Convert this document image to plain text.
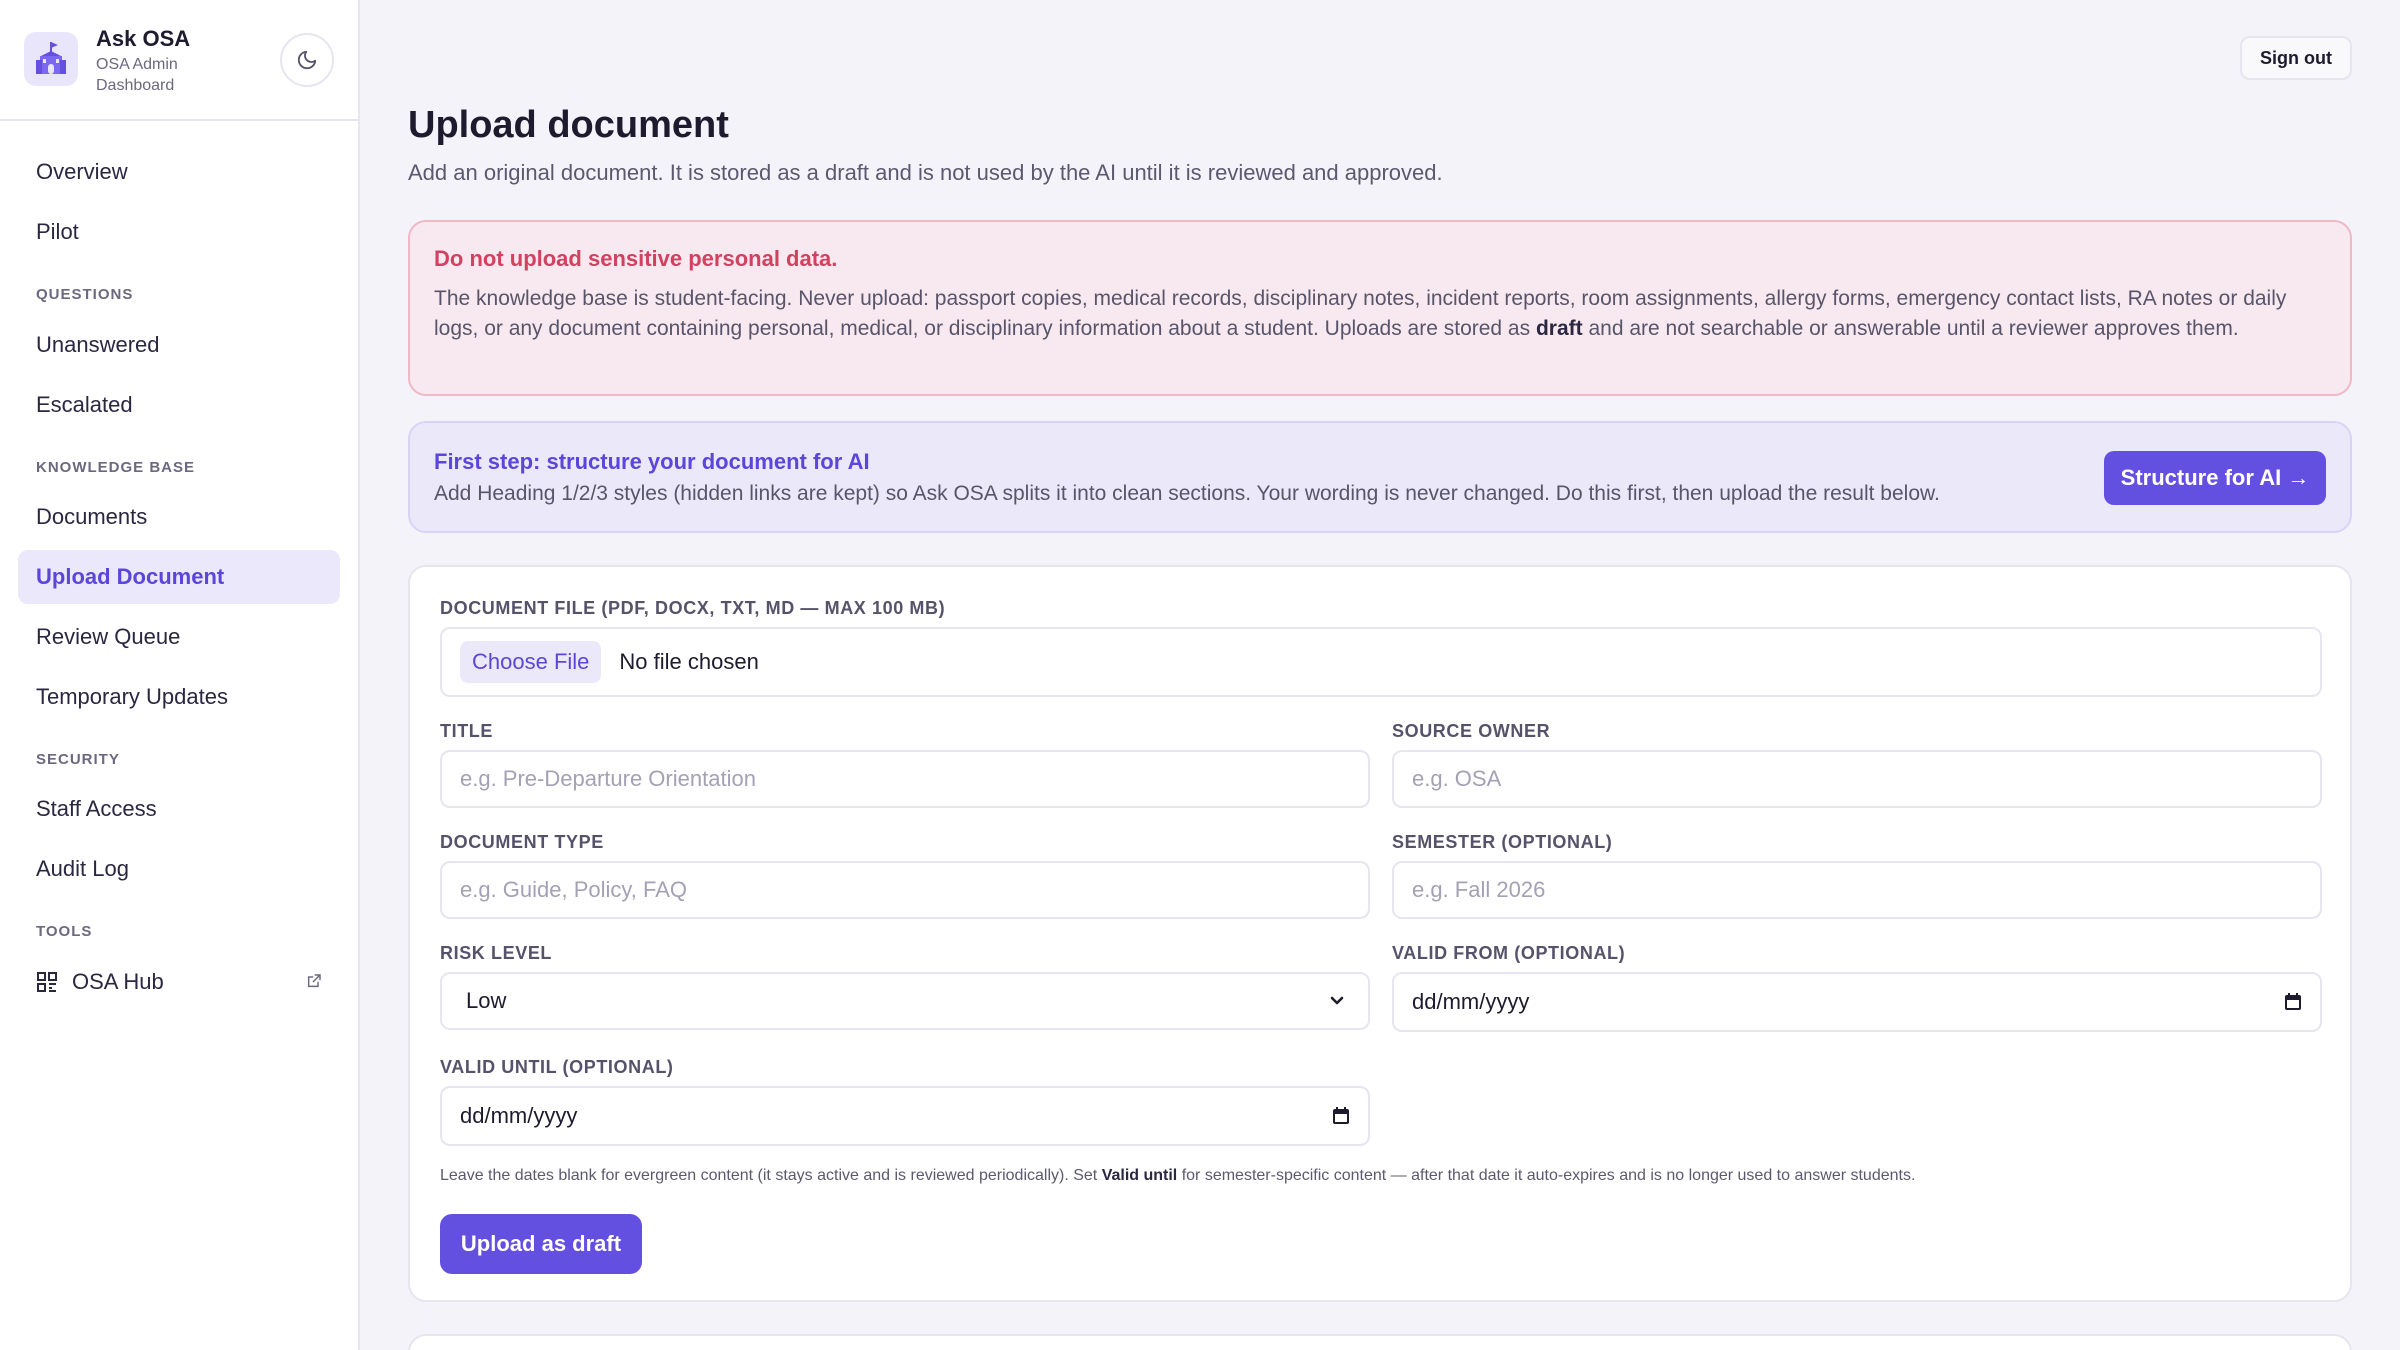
Ask OSA
OSA Admin Dashboard
Overview
Pilot
QUESTIONS
Unanswered
Escalated
KNOWLEDGE BASE
Documents
Upload Document
Review Queue
Temporary Updates
SECURITY
Staff Access
Audit Log
TOOLS
OSA Hub
Sign out
Upload document

Add an original document. It is stored as a draft and is not used by the AI until it is reviewed and approved.

Do not upload sensitive personal data.
The knowledge base is student-facing. Never upload: passport copies, medical records, disciplinary notes, incident reports, room assignments, allergy forms, emergency contact lists, RA notes or daily logs, or any document containing personal, medical, or disciplinary information about a student. Uploads are stored as draft and are not searchable or answerable until a reviewer approves them.
First step: structure your document for AI
Add Heading 1/2/3 styles (hidden links are kept) so Ask OSA splits it into clean sections. Your wording is never changed. Do this first, then upload the result below.
Structure for AI →
DOCUMENT FILE (PDF, DOCX, TXT, MD — MAX 100 MB)
Choose File	No file chosen
TITLE
e.g. Pre-Departure Orientation	SOURCE OWNER
e.g. OSA
DOCUMENT TYPE
e.g. Guide, Policy, FAQ	SEMESTER (OPTIONAL)
e.g. Fall 2026
RISK LEVEL
Low
VALID FROM (OPTIONAL)
dd/mm/yyyy
VALID UNTIL (OPTIONAL)
dd/mm/yyyy
Leave the dates blank for evergreen content (it stays active and is reviewed periodically). Set Valid until for semester-specific content — after that date it auto-expires and is no longer used to answer students.
Upload as draft
